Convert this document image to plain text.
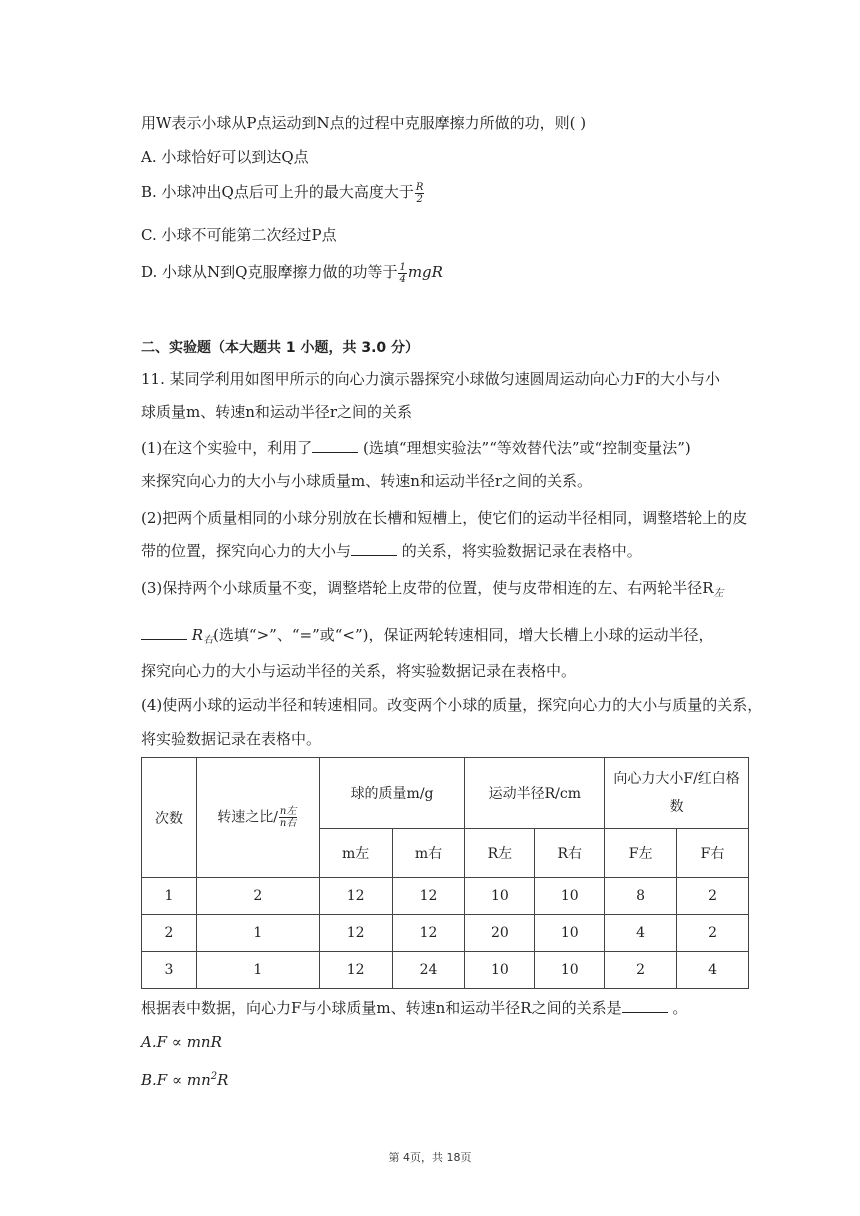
用W表示小球从P点运动到N点的过程中克服摩擦力所做的功，则( )
A. 小球恰好可以到达Q点
B. 小球冲出Q点后可上升的最大高度大于 $\frac{R}{2}$
C. 小球不可能第二次经过P点
D. 小球从N到Q克服摩擦力做的功等于 $\frac{1}{4}$ mgR
二、实验题（本大题共 1 小题，共 3.0 分）
11. 某同学利用如图甲所示的向心力演示器探究小球做匀速圆周运动向心力F的大小与小
球质量m、转速n和运动半径r之间的关系
(1)在这个实验中，利用了	(选填“理想实验法”“等效替代法”或“控制变量法”)
来探究向心力的大小与小球质量m、转速n和运动半径r之间的关系。
(2)把两个质量相同的小球分别放在长槽和短槽上，使它们的运动半径相同，调整塔轮上的皮
带的位置，探究向心力的大小与	的关系，将实验数据记录在表格中。
(3)保持两个小球质量不变，调整塔轮上皮带的位置，使与皮带相连的左、右两轮半径$R_左$
$R_右$(选填“>”、“=”或“<”)，保证两轮转速相同，增大长槽上小球的运动半径，
探究向心力的大小与运动半径的关系，将实验数据记录在表格中。
(4)使两小球的运动半径和转速相同。改变两个小球的质量，探究向心力的大小与质量的关系，
将实验数据记录在表格中。
次数	转速之比/ $\frac{\text{n左}}{\text{n右}}$	球的质量m/g		运动半径R/cm		向心力大小F/红白格
数	
		m左	m右	R左	R右	F左	F右
1	2	12	12	10	10	8	2
2	1	12	12	20	10	4	2
3	1	12	24	10	10	2	4
根据表中数据，向心力F与小球质量m、转速n和运动半径R之间的关系是	。
A.F ∝ mnR
$B.F \propto mn^2R$
第 4页，共 18页
